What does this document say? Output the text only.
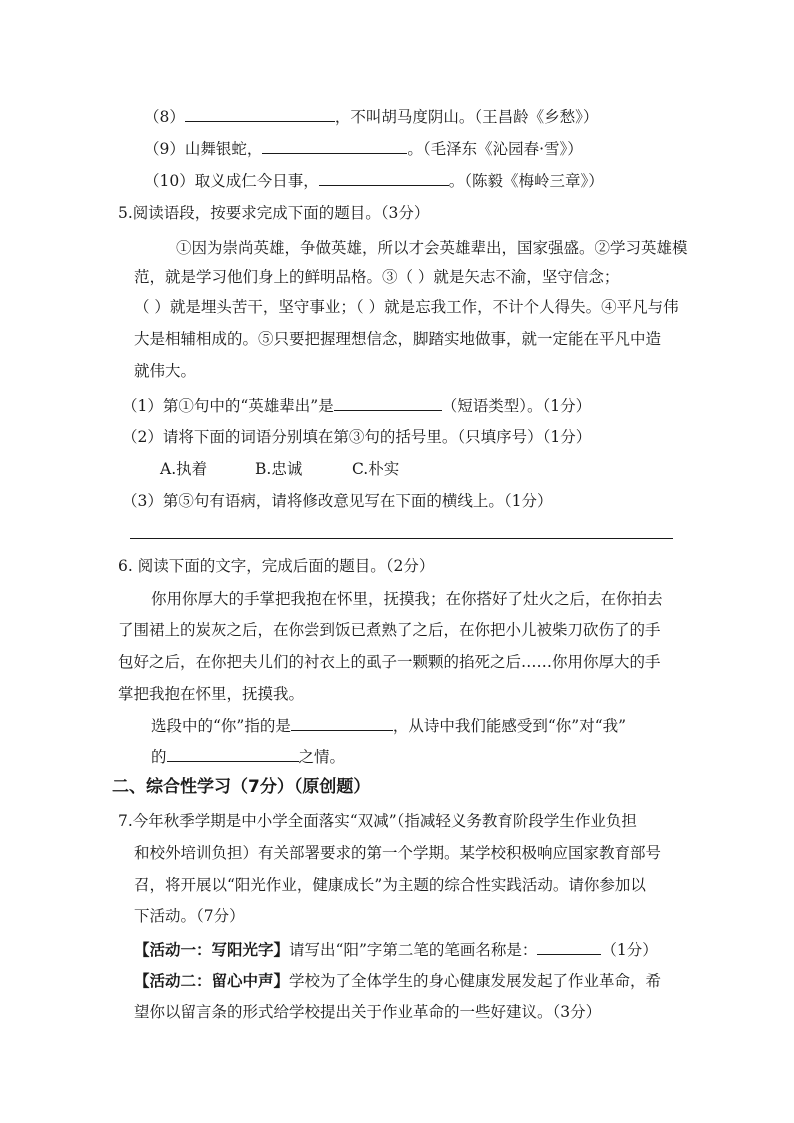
（8）	，不叫胡马度阴山。（王昌龄《乡愁》）
（9）山舞银蛇，	。（毛泽东《沁园春·雪》）
（10）取义成仁今日事，	。（陈毅《梅岭三章》）
5.阅读语段，按要求完成下面的题目。（3分）
①因为崇尚英雄，争做英雄，所以才会英雄辈出，国家强盛。②学习英雄模
范，就是学习他们身上的鲜明品格。③（ ）就是矢志不渝，坚守信念；
（ ）就是埋头苦干，坚守事业；（ ）就是忘我工作，不计个人得失。④平凡与伟
大是相辅相成的。⑤只要把握理想信念，脚踏实地做事，就一定能在平凡中造
就伟大。
（1）第①句中的“英雄辈出”是	（短语类型）。（1分）
（2）请将下面的词语分别填在第③句的括号里。（只填序号）（1分）
A.执着	B.忠诚	C.朴实
（3）第⑤句有语病，请将修改意见写在下面的横线上。（1分）
6. 阅读下面的文字，完成后面的题目。（2分）
你用你厚大的手掌把我抱在怀里，抚摸我；在你搭好了灶火之后，在你拍去
了围裙上的炭灰之后，在你尝到饭已煮熟了之后，在你把小儿被柴刀砍伤了的手
包好之后，在你把夫儿们的衬衣上的虱子一颗颗的掐死之后……你用你厚大的手
掌把我抱在怀里，抚摸我。
选段中的“你”指的是	，从诗中我们能感受到“你”对“我”
的	之情。
二、综合性学习（7分）（原创题）
7.今年秋季学期是中小学全面落实“双减”（指减轻义务教育阶段学生作业负担
和校外培训负担）有关部署要求的第一个学期。某学校积极响应国家教育部号
召，将开展以“阳光作业，健康成长”为主题的综合性实践活动。请你参加以
下活动。（7分）
【活动一：写阳光字】请写出“阳”字第二笔的笔画名称是：	（1分）
【活动二：留心中声】学校为了全体学生的身心健康发展发起了作业革命，希
望你以留言条的形式给学校提出关于作业革命的一些好建议。（3分）
